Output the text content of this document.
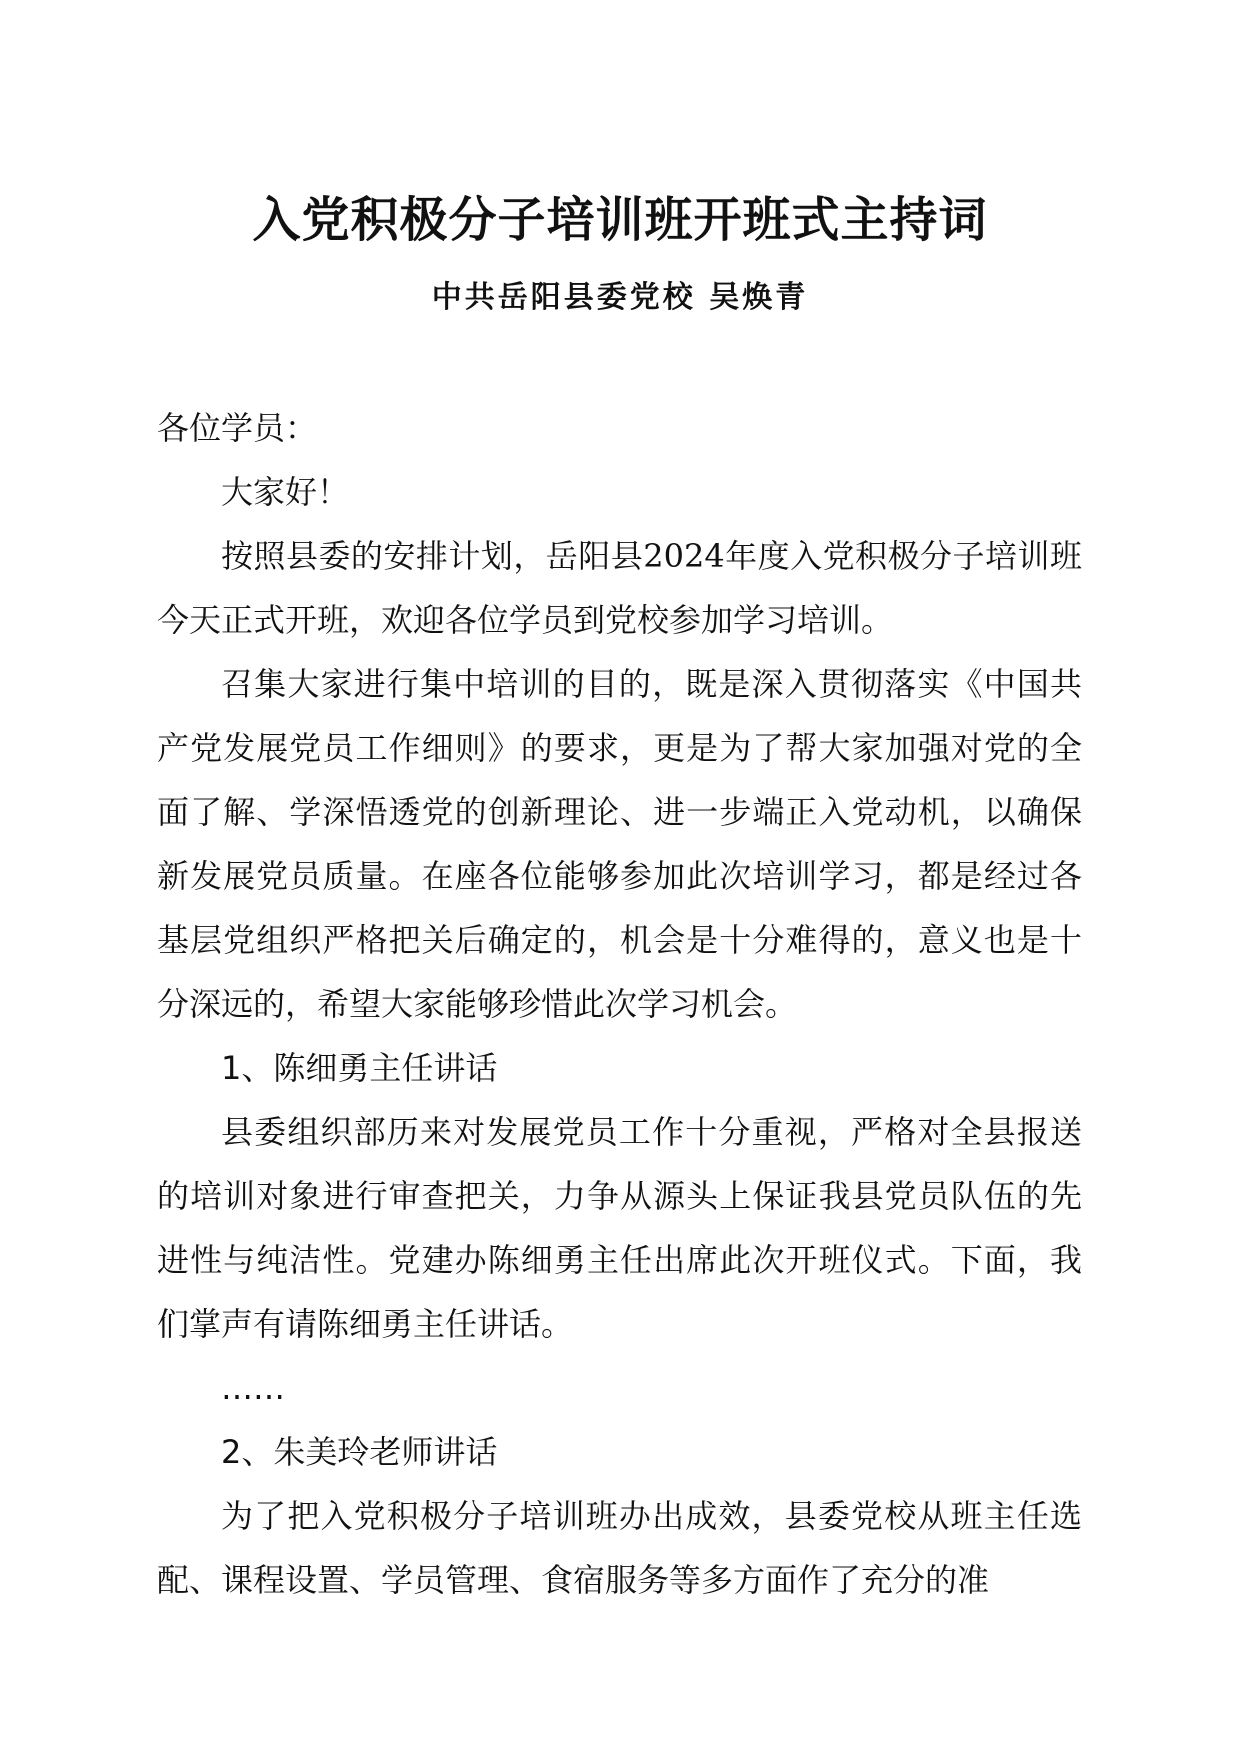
入党积极分子培训班开班式主持词
中共岳阳县委党校 吴焕青

各位学员：

大家好！

按照县委的安排计划，岳阳县2024年度入党积极分子培训班今天正式开班，欢迎各位学员到党校参加学习培训。

召集大家进行集中培训的目的，既是深入贯彻落实《中国共产党发展党员工作细则》的要求，更是为了帮大家加强对党的全面了解、学深悟透党的创新理论、进一步端正入党动机，以确保新发展党员质量。在座各位能够参加此次培训学习，都是经过各基层党组织严格把关后确定的，机会是十分难得的，意义也是十分深远的，希望大家能够珍惜此次学习机会。

1、陈细勇主任讲话

县委组织部历来对发展党员工作十分重视，严格对全县报送的培训对象进行审查把关，力争从源头上保证我县党员队伍的先进性与纯洁性。党建办陈细勇主任出席此次开班仪式。下面，我们掌声有请陈细勇主任讲话。

……

2、朱美玲老师讲话

为了把入党积极分子培训班办出成效，县委党校从班主任选配、课程设置、学员管理、食宿服务等多方面作了充分的准
